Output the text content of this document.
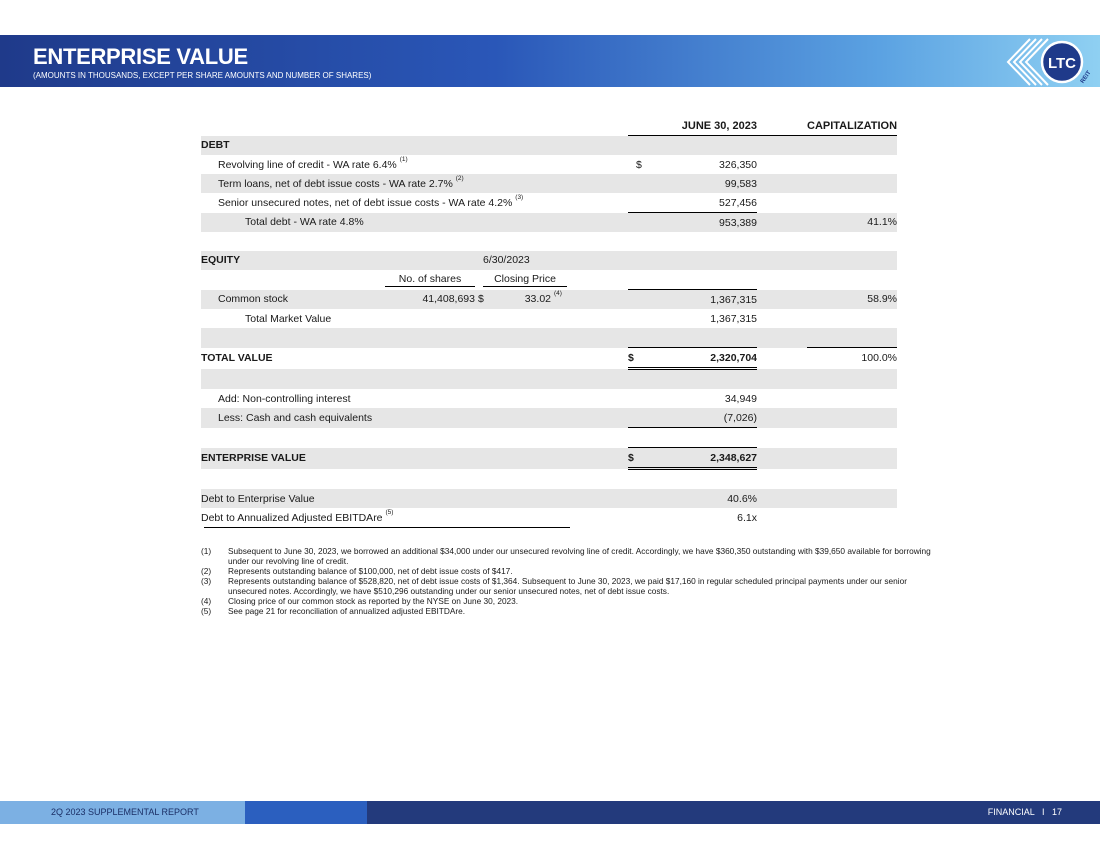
ENTERPRISE VALUE
(AMOUNTS IN THOUSANDS, EXCEPT PER SHARE AMOUNTS AND NUMBER OF SHARES)
LTC
REIT
		JUNE 30, 2023		CAPITALIZATION
DEBT				
Revolving line of credit - WA rate 6.4% $^{(1)}$		$ 326,350		
Term loans, net of debt issue costs - WA rate 2.7% $^{(2)}$		99,583		
Senior unsecured notes, net of debt issue costs - WA rate 4.2% $^{(3)}$		527,456		
Total debt - WA rate 4.8%		953,389		41.1%

EQUITY 6/30/2023				

No. of shares Closing Price				

Common stock 41,408,693 $ 33.02 (4)		1,367,315		58.9%
Total Market Value		1,367,315		

TOTAL VALUE	$	2,320,704		100.0%

Add: Non-controlling interest		34,949		
Less: Cash and cash equivalents		(7,026)		

ENTERPRISE VALUE	$	2,348,627		

Debt to Enterprise Value		40.6%		
Debt to Annualized Adjusted EBITDAre $^{(5)}$		6.1x		
(1)	Subsequent to June 30, 2023, we borrowed an additional $34,000 under our unsecured revolving line of credit. Accordingly, we have $360,350 outstanding with $39,650 available for borrowing under our revolving line of credit.
(2)	Represents outstanding balance of $100,000, net of debt issue costs of $417.
(3)	Represents outstanding balance of $528,820, net of debt issue costs of $1,364. Subsequent to June 30, 2023, we paid $17,160 in regular scheduled principal payments under our senior unsecured notes. Accordingly, we have $510,296 outstanding under our senior unsecured notes, net of debt issue costs.
(4)	Closing price of our common stock as reported by the NYSE on June 30, 2023.
(5)	See page 21 for reconciliation of annualized adjusted EBITDAre.
2Q 2023 SUPPLEMENTAL REPORT	FINANCIAL I 17
